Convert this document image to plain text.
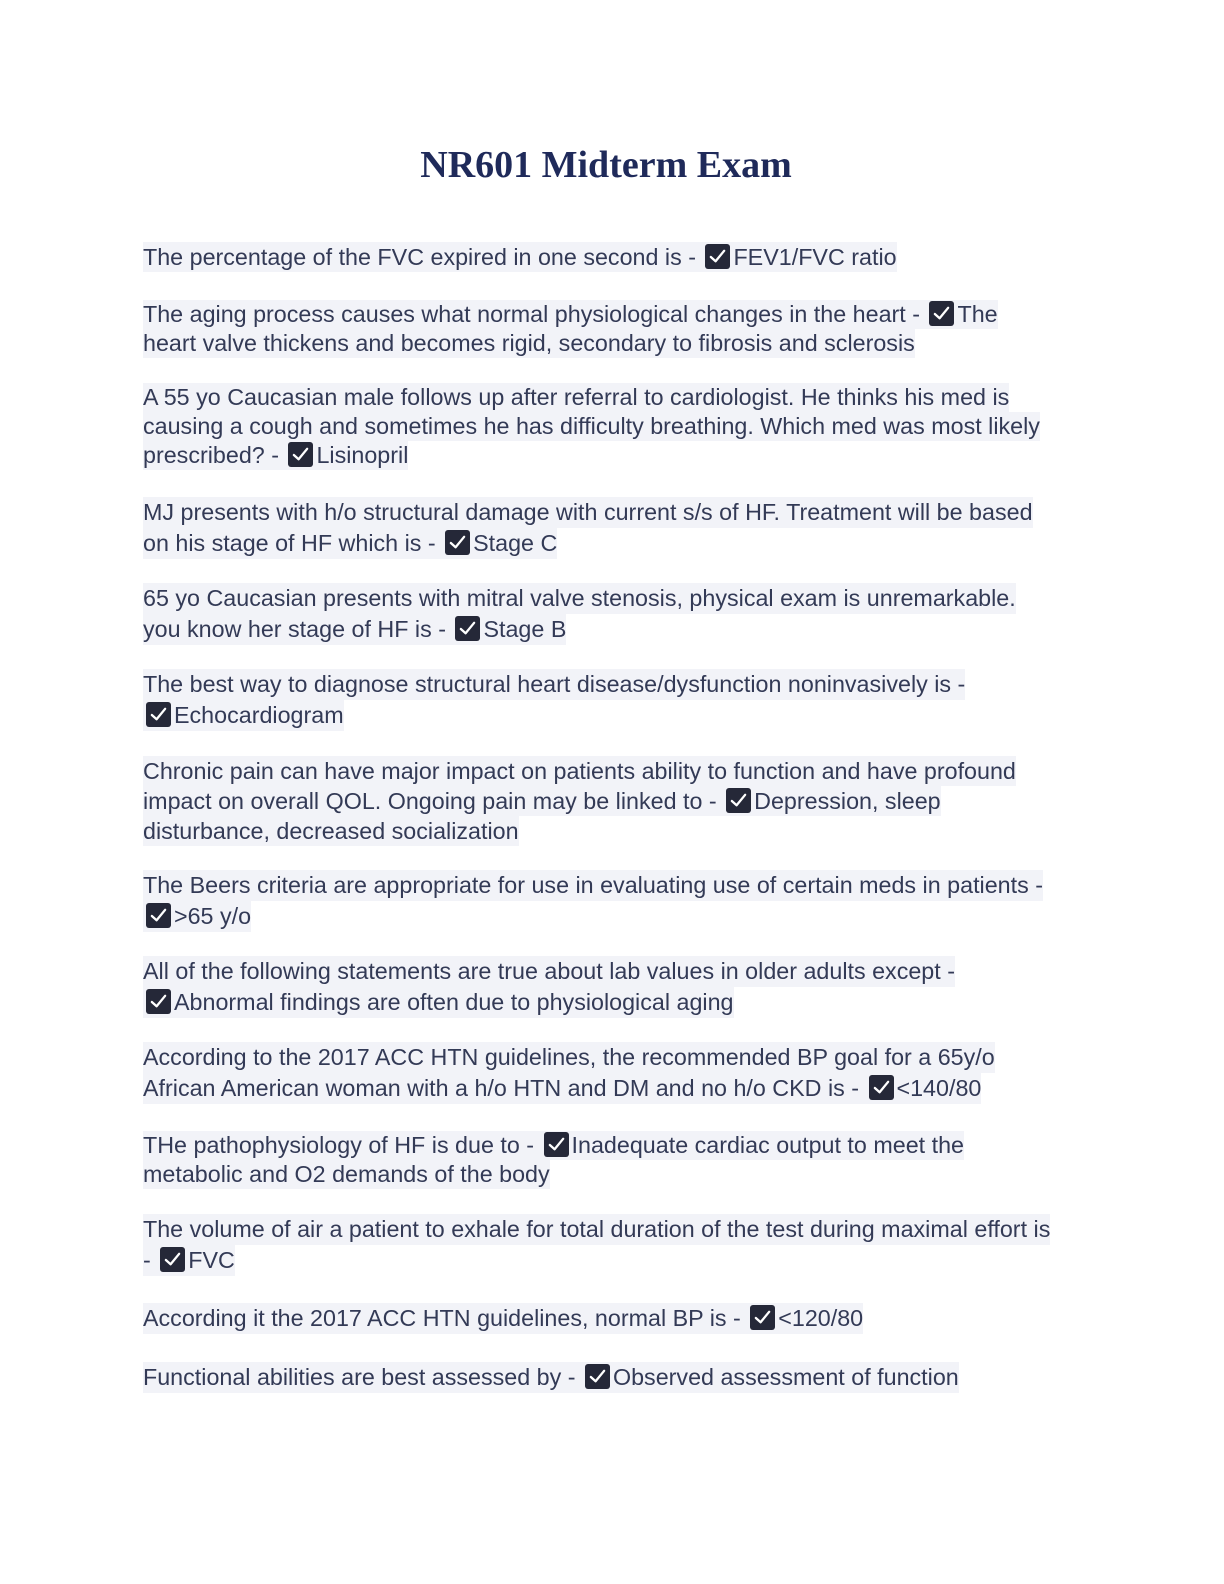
NR601 Midterm Exam
The percentage of the FVC expired in one second is -
FEV1/FVC ratio
The aging process causes what normal physiological changes in the heart -
The
heart valve thickens and becomes rigid, secondary to fibrosis and sclerosis
A 55 yo Caucasian male follows up after referral to cardiologist. He thinks his med is
causing a cough and sometimes he has difficulty breathing. Which med was most likely
prescribed? -
Lisinopril
MJ presents with h/o structural damage with current s/s of HF. Treatment will be based
on his stage of HF which is -
Stage C
65 yo Caucasian presents with mitral valve stenosis, physical exam is unremarkable.
you know her stage of HF is -
Stage B
The best way to diagnose structural heart disease/dysfunction noninvasively is -
Echocardiogram
Chronic pain can have major impact on patients ability to function and have profound
impact on overall QOL. Ongoing pain may be linked to -
Depression, sleep
disturbance, decreased socialization
The Beers criteria are appropriate for use in evaluating use of certain meds in patients -
>65 y/o
All of the following statements are true about lab values in older adults except -
Abnormal findings are often due to physiological aging
According to the 2017 ACC HTN guidelines, the recommended BP goal for a 65y/o
African American woman with a h/o HTN and DM and no h/o CKD is -
<140/80
THe pathophysiology of HF is due to -
Inadequate cardiac output to meet the
metabolic and O2 demands of the body
The volume of air a patient to exhale for total duration of the test during maximal effort is
-
FVC
According it the 2017 ACC HTN guidelines, normal BP is -
<120/80
Functional abilities are best assessed by -
Observed assessment of function
